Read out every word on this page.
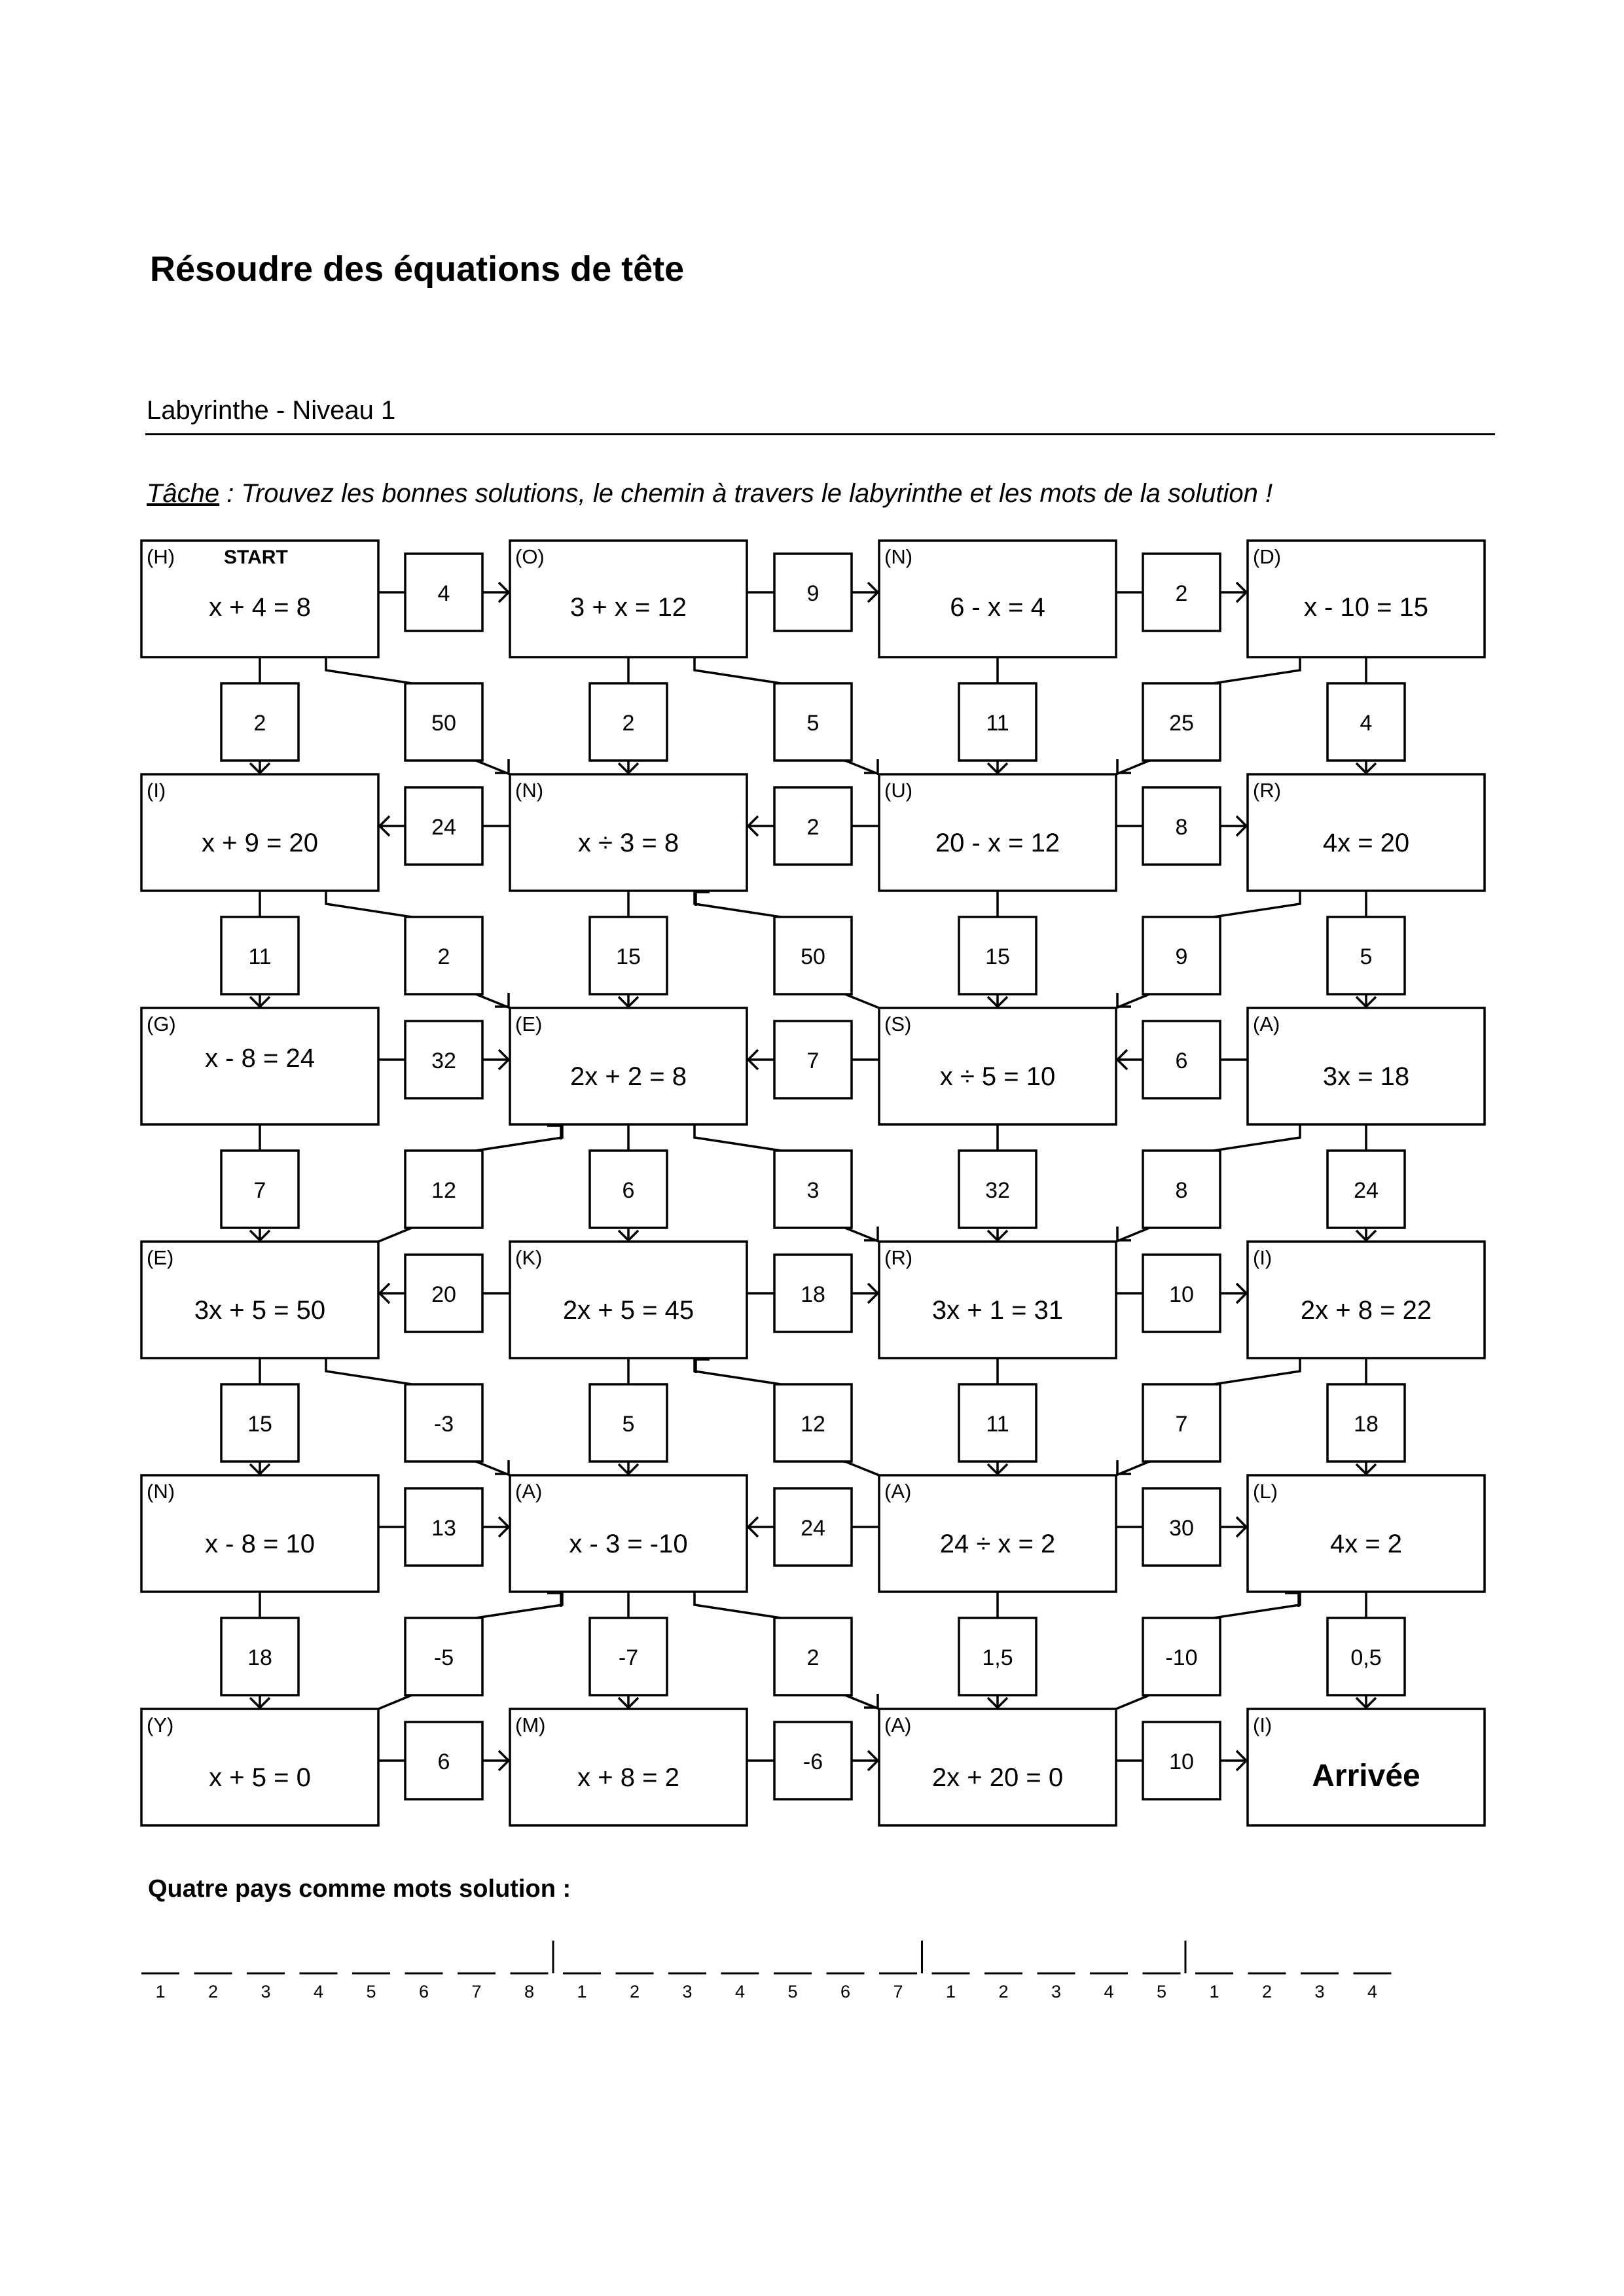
Résoudre des équations de tête
Labyrinthe - Niveau 1
Tâche : Trouvez les bonnes solutions, le chemin à travers le labyrinthe et les mots de la solution !
(H)
x + 4 = 8
START	(O)
3 + x = 12
(N)
6 - x = 4
(D)
x - 10 = 15
(I)
x + 9 = 20
(N)
x ÷ 3 = 8
(U)
20 - x = 12
(R)
4x = 20
(G)
x - 8 = 24
(E)
2x + 2 = 8
(S)
x ÷ 5 = 10
(A)
3x = 18
(E)
3x + 5 = 50
(K)
2x + 5 = 45
(R)
3x + 1 = 31
(I)
2x + 8 = 22
(N)
x - 8 = 10
(A)
x - 3 = -10
(A)
24 ÷ x = 2
(L)
4x = 2
(Y)
x + 5 = 0
(M)
x + 8 = 2
(A)
2x + 20 = 0
(I)
Arrivée
4	9	2
24	2	8
32	7	6
20	18	10
13	24	30
6	-6	10
2	2	11	4
11	15	15	5
7	6	32	24
15	5	11	18
18	-7	1,5	0,5
50	5	25
2	50	9
12	3	8
-3	12	7
-5	2	-10
Quatre pays comme mots solution :
1 2 3 4 5 6 7 8 1 2 3 4 5 6 7 1 2 3 4 5 1 2 3 4
